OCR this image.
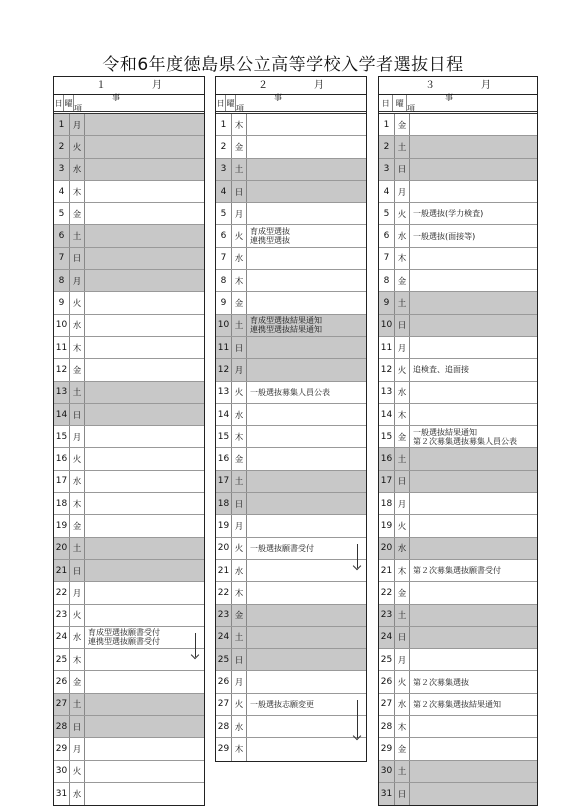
令和6年度徳島県公立高等学校入学者選抜日程
１　月
日 曜
事　項
1 月
2 火
3 水
4 木
5 金
6 土
7 日
8 月
9 火
10 水
11 木
12 金
13 土
14 日
15 月
16 火
17 水
18 木
19 金
20 土
21 日
22 月
23 火
24 水
育成型選抜願書受付
連携型選抜願書受付
25 木
26 金
27 土
28 日
29 月
30 火
31 水
２　月
日 曜
事　項
1 木
2 金
3 土
4 日
5 月
6 火
育成型選抜
連携型選抜
7 水
8 木
9 金
10 土
育成型選抜結果通知
連携型選抜結果通知
11 日
12 月
13 火 一般選抜募集人員公表
14 水
15 木
16 金
17 土
18 日
19 月
20 火 一般選抜願書受付
21 水
22 木
23 金
24 土
25 日
26 月
27 火 一般選抜志願変更
28 水
29 木
３　月
日 曜
事　項
1 金
2 土
3 日
4 月
5 火 一般選抜(学力検査)
6 水 一般選抜(面接等)
7 木
8 金
9 土
10 日
11 月
12 火 追検査、追面接
13 水
14 木
15 金
一般選抜結果通知
第２次募集選抜募集人員公表
16 土
17 日
18 月
19 火
20 水
21 木 第２次募集選抜願書受付
22 金
23 土
24 日
25 月
26 火 第２次募集選抜
27 水 第２次募集選抜結果通知
28 木
29 金
30 土
31 日
